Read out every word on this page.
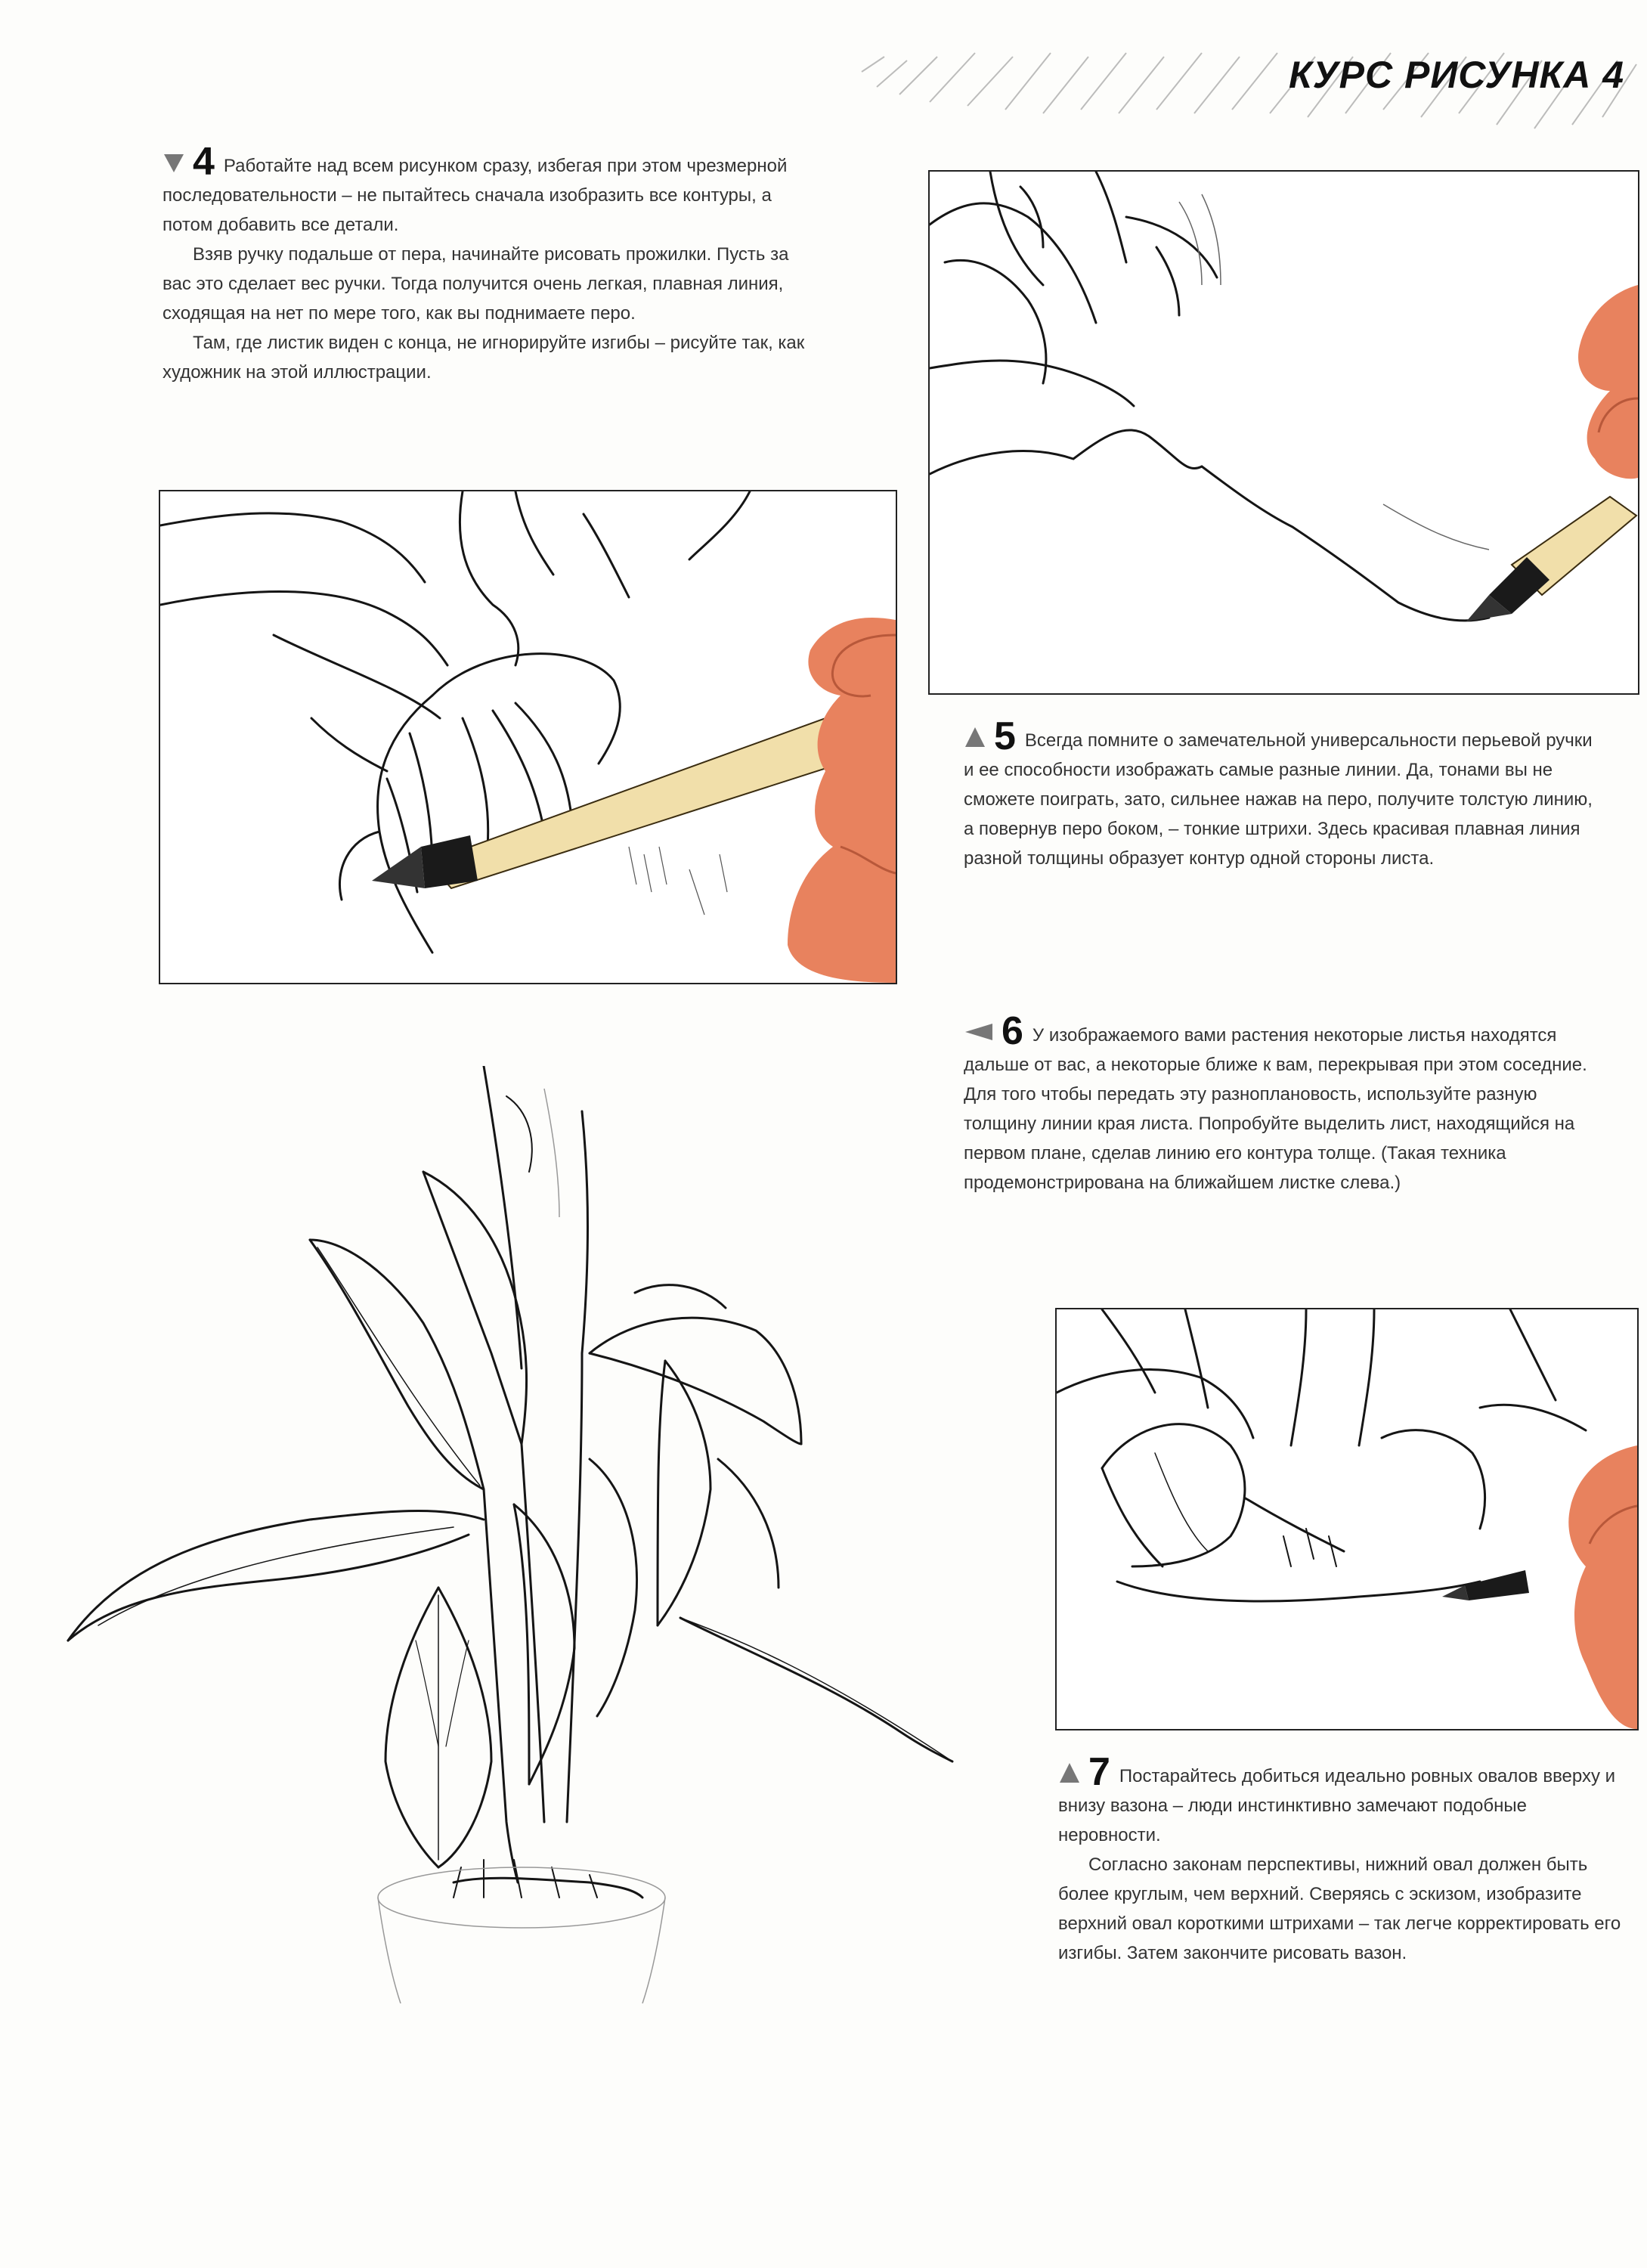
КУРС РИСУНКА 4

4 Работайте над всем рисунком сразу, избегая при этом чрезмерной последовательности – не пытайтесь сначала изобразить все контуры, а потом добавить все детали.

Взяв ручку подальше от пера, начинайте рисовать прожилки. Пусть за вас это сделает вес ручки. Тогда получится очень легкая, плавная линия, сходящая на нет по мере того, как вы поднимаете перо.

Там, где листик виден с конца, не игнорируйте изгибы – рисуйте так, как художник на этой иллюстрации.

5 Всегда помните о замечательной универсальности перьевой ручки и ее способности изображать самые разные линии. Да, тонами вы не сможете поиграть, зато, сильнее нажав на перо, получите толстую линию, а повернув перо боком, – тонкие штрихи. Здесь красивая плавная линия разной толщины образует контур одной стороны листа.

6 У изображаемого вами растения некоторые листья находятся дальше от вас, а некоторые ближе к вам, перекрывая при этом соседние. Для того чтобы передать эту разноплановость, используйте разную толщину линии края листа. Попробуйте выделить лист, находящийся на первом плане, сделав линию его контура толще. (Такая техника продемонстрирована на ближайшем листке слева.)

7 Постарайтесь добиться идеально ровных овалов вверху и внизу вазона – люди инстинктивно замечают подобные неровности.

Согласно законам перспективы, нижний овал должен быть более круглым, чем верхний. Сверяясь с эскизом, изобразите верхний овал короткими штрихами – так легче корректировать его изгибы. Затем закончите рисовать вазон.
